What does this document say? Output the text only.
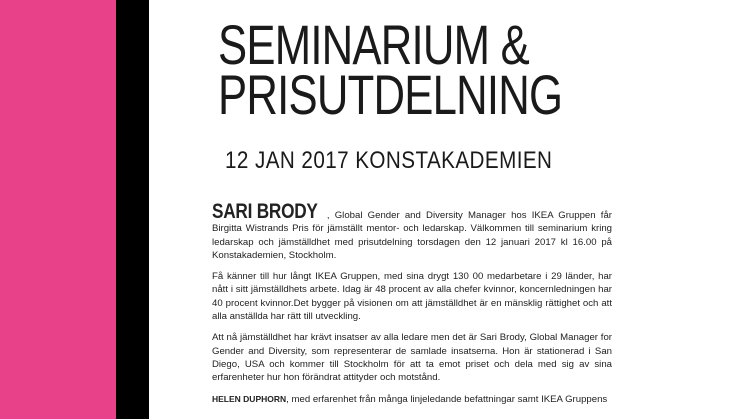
SEMINARIUM &
PRISUTDELNING
12 JAN 2017 KONSTAKADEMIEN

SARI BRODY , Global Gender and Diversity Manager hos IKEA Gruppen får Birgitta Wistrands Pris för jämställt mentor- och ledarskap. Välkommen till seminarium kring ledarskap och jämställdhet med prisutdelning torsdagen den 12 januari 2017 kl 16.00 på Konstakademien, Stockholm.

Få känner till hur långt IKEA Gruppen, med sina drygt 130 00 medarbetare i 29 länder, har nått i sitt jämställdhets arbete. Idag är 48 procent av alla chefer kvinnor, koncernledningen har 40 procent kvinnor.Det bygger på visionen om att jämställdhet är en mänsklig rättighet och att alla anställda har rätt till utveckling.

Att nå jämställdhet har krävt insatser av alla ledare men det är Sari Brody, Global Manager for Gender and Diversity, som representerar de samlade insatserna. Hon är stationerad i San Diego, USA och kommer till Stockholm för att ta emot priset och dela med sig av sina erfarenheter hur hon förändrat attityder och motstånd.

HELEN DUPHORN, med erfarenhet från många linjeledande befattningar samt IKEA Gruppens
